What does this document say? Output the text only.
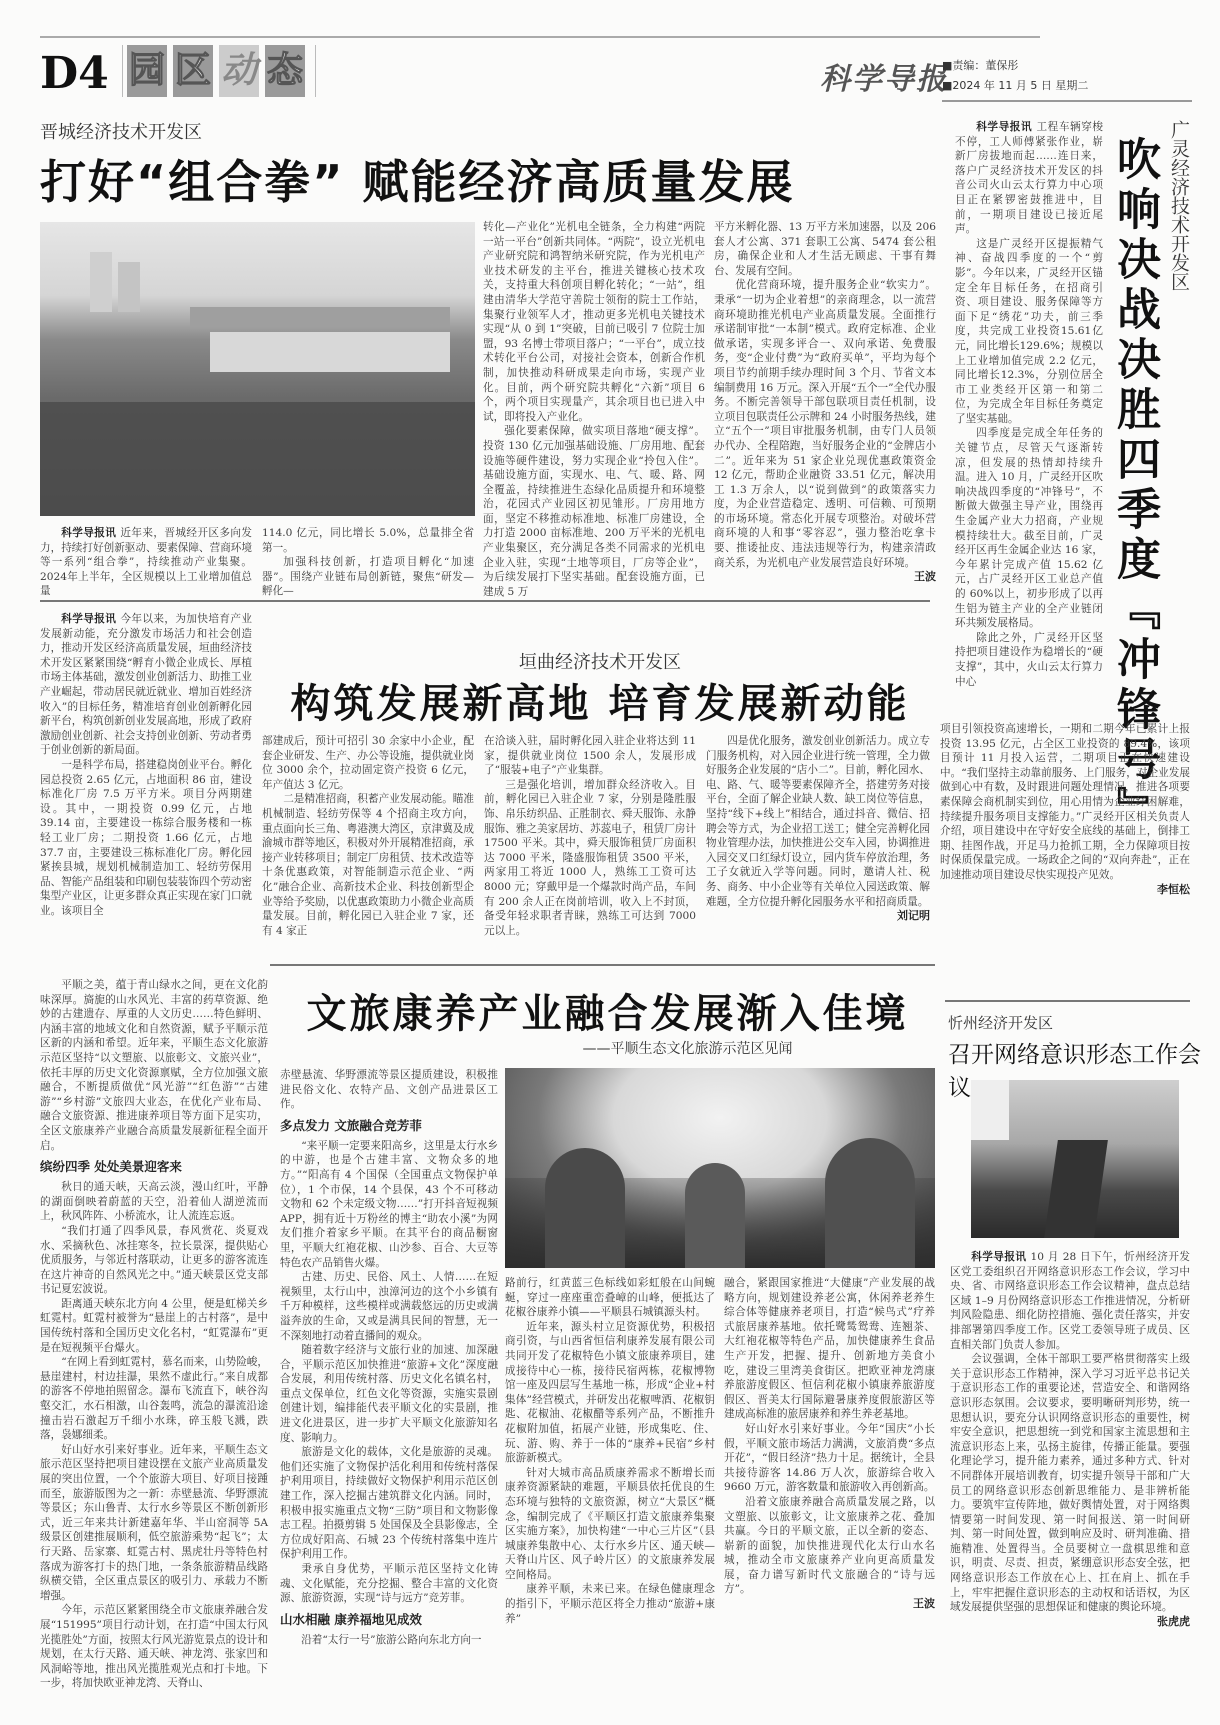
D4 园 区 动 态	科学导报
■责编：董保彤
■2024 年 11 月 5 日 星期二
晋城经济技术开发区
打好“组合拳” 赋能经济高质量发展

科学导报讯 近年来，晋城经开区多向发力，持续打好创新驱动、要素保障、营商环境等一系列“组合拳”，持续推动产业集聚。2024年上半年，全区规模以上工业增加值总量

114.0 亿元，同比增长 5.0%，总量排全省第一。

加强科技创新，打造项目孵化“加速器”。围绕产业链布局创新链，聚焦“研发—孵化—

转化—产业化”光机电全链条，全力构建“两院一站一平台”创新共同体。“两院”，设立光机电产业研究院和鸿智纳米研究院，作为光机电产业技术研发的主平台，推进关键核心技术攻关，支持重大科创项目孵化转化；“一站”，组建由清华大学范守善院士领衔的院士工作站，集聚行业领军人才，推动更多光机电关键技术实现“从 0 到 1”突破，目前已吸引 7 位院士加盟，93 名博士带项目落户；“一平台”，成立技术转化平台公司，对接社会资本，创新合作机制，加快推动科研成果走向市场，实现产业化。目前，两个研究院共孵化“六新”项目 6 个，两个项目实现量产，其余项目也已进入中试，即将投入产业化。

强化要素保障，做实项目落地“硬支撑”。投资 130 亿元加强基础设施、厂房用地、配套设施等硬件建设，努力实现企业“拎包入住”。基础设施方面，实现水、电、气、暖、路、网全覆盖，持续推进生态绿化品质提升和环境整治，花园式产业园区初见雏形。厂房用地方面，坚定不移推动标准地、标准厂房建设，全力打造 2000 亩标准地、200 万平米的光机电产业集聚区，充分满足各类不同需求的光机电企业入驻，实现“土地等项目，厂房等企业”，为后续发展打下坚实基础。配套设施方面，已建成 5 万

平方米孵化器、13 万平方米加速器，以及 206 套人才公寓、371 套职工公寓、5474 套公租房，确保企业和人才生活无顾虑、干事有舞台、发展有空间。

优化营商环境，提升服务企业“软实力”。秉承“一切为企业着想”的亲商理念，以一流营商环境助推光机电产业高质量发展。全面推行承诺制审批“一本制”模式。政府定标准、企业做承诺，实现多评合一、双向承诺、免费服务，变“企业付费”为“政府买单”，平均为每个项目节约前期手续办理时间 3 个月、节省文本编制费用 16 万元。深入开展“五个一”全代办服务。不断完善领导干部包联项目责任机制，设立项目包联责任公示牌和 24 小时服务热线，建立“五个一”项目审批服务机制，由专门人员领办代办、全程陪跑，当好服务企业的“金牌店小二”。近年来为 51 家企业兑现优惠政策资金 12 亿元，帮助企业融资 33.51 亿元，解决用工 1.3 万余人，以“说到做到”的政策落实力度，为企业营造稳定、透明、可信赖、可预期的市场环境。常态化开展专项整治。对破坏营商环境的人和事“零容忍”，强力整治吃拿卡要、推诿扯皮、违法违规等行为，构建亲清政商关系，为光机电产业发展营造良好环境。

王波

科学导报讯 工程车辆穿梭不停，工人师傅紧张作业，崭新厂房拔地而起……连日来，落户广灵经济技术开发区的抖音公司火山云太行算力中心项目正在紧锣密鼓推进中，目前，一期项目建设已接近尾声。

这是广灵经开区提振精气神、奋战四季度的一个“剪影”。今年以来，广灵经开区锚定全年目标任务，在招商引资、项目建设、服务保障等方面下足“绣花”功夫，前三季度，共完成工业投资15.61亿元，同比增长129.6%；规模以上工业增加值完成 2.2 亿元，同比增长12.3%，分别位居全市工业类经开区第一和第二位，为完成全年目标任务奠定了坚实基础。

四季度是完成全年任务的关键节点，尽管天气逐渐转凉，但发展的热情却持续升温。进入 10 月，广灵经开区吹响决战四季度的“冲锋号”，不断做大做强主导产业，围绕再生金属产业大力招商，产业规模持续壮大。截至目前，广灵经开区再生金属企业达 16 家，今年累计完成产值 15.62 亿元，占广灵经开区工业总产值的 60%以上，初步形成了以再生铝为链主产业的全产业链闭环共频发展格局。

除此之外，广灵经开区坚持把项目建设作为稳增长的“硬支撑”，其中，火山云太行算力中心	吹响决战决胜四季度『冲锋号』 广灵经济技术开发区

项目引领投资高速增长，一期和二期今年已累计上报投资 13.95 亿元，占全区工业投资的 89.4%，该项目预计 11 月投入运营，二期项目正在快速建设中。“我们坚持主动靠前服务、上门服务，对企业发展做到心中有数，及时跟进问题处理情况，推进各项要素保障会商机制实到位，用心用情为企业纾困解难，持续提升服务项目支撑能力。”广灵经开区相关负责人介绍，项目建设中在守好安全底线的基础上，倒排工期、挂图作战，开足马力抢抓工期，全力保障项目按时保质保量完成。一场政企之间的“双向奔赴”，正在加速推动项目建设尽快实现投产见效。

李恒松

科学导报讯 今年以来，为加快培育产业发展新动能，充分激发市场活力和社会创造力，推动开发区经济高质量发展，垣曲经济技术开发区紧紧围绕“孵育小微企业成长、厚植市场主体基础，激发创业创新活力、助推工业产业崛起，带动居民就近就业、增加百姓经济收入”的目标任务，精准培育创业创新孵化园新平台，构筑创新创业发展高地，形成了政府激励创业创新、社会支持创业创新、劳动者勇于创业创新的新局面。

一是科学布局，搭建稳岗创业平台。孵化园总投资 2.65 亿元，占地面积 86 亩，建设标准化厂房 7.5 万平方米。项目分两期建设。其中，一期投资 0.99 亿元，占地 39.14 亩，主要建设一栋综合服务楼和一栋轻工业厂房；二期投资 1.66 亿元，占地 37.7 亩，主要建设三栋标准化厂房。孵化园紧挨县城，规划机械制造加工、轻纺劳保用品、智能产品组装和印刷包装装饰四个劳动密集型产业区，让更多群众真正实现在家门口就业。该项目全

垣曲经济技术开发区
构筑发展新高地 培育发展新动能

部建成后，预计可招引 30 余家中小企业，配套企业研发、生产、办公等设施，提供就业岗位 3000 余个，拉动固定资产投资 6 亿元，年产值达 3 亿元。

二是精准招商，积蓄产业发展动能。瞄准机械制造、轻纺劳保等 4 个招商主攻方向，重点面向长三角、粤港澳大湾区，京津冀及成渝城市群等地区，积极对外开展精准招商，承接产业转移项目；制定厂房租赁、技术改造等十条优惠政策，对智能制造示范企业、“两化”融合企业、高新技术企业、科技创新型企业等给予奖励，以优惠政策助力小微企业高质量发展。目前，孵化园已入驻企业 7 家，还有 4 家正

在洽谈入驻，届时孵化园入驻企业将达到 11 家，提供就业岗位 1500 余人，发展形成了“服装+电子”产业集群。

三是强化培训，增加群众经济收入。目前，孵化园已入驻企业 7 家，分别是隆胜服饰、帛乐纺织品、正胜制衣、舜天服饰、永静服饰、雅之美家居坊、苏蕊电子，租赁厂房计 17500 平米。其中，舜天服饰租赁厂房面积达 7000 平米，隆盛服饰租赁 3500 平米，两家用工将近 1000 人，熟练工工资可达 8000 元；穿戴甲是一个爆款时尚产品，车间有 200 余人正在岗前培训，收入上不封顶，备受年轻求职者青睐，熟练工可达到 7000 元以上。

四是优化服务，激发创业创新活力。成立专门服务机构，对入园企业进行统一管理，全力做好服务企业发展的“店小二”。目前，孵化园水、电、路、气、暖等要素保障齐全，搭建劳务对接平台，全面了解企业缺人数、缺工岗位等信息，坚持“线下+线上”相结合，通过抖音、微信、招聘会等方式，为企业招工送工；健全完善孵化园物业管理办法，加快推进公交车入园，协调推进入园交叉口红绿灯设立，园内货车停放治理，务工子女就近入学等问题。同时，邀请人社、税务、商务、中小企业等有关单位入园送政策、解难题，全方位提升孵化园服务水平和招商质量。

刘记明

平顺之美，蕴于青山绿水之间，更在文化韵味深厚。旖旎的山水风光、丰富的药草资源、绝妙的古建遗存、厚重的人文历史……特色鲜明、内涵丰富的地域文化和自然资源，赋予平顺示范区新的内涵和希望。近年来，平顺生态文化旅游示范区坚持“以文塑旅、以旅彰文、文旅兴业”，依托丰厚的历史文化资源禀赋，全方位加强文旅融合，不断提质做优“风光游”“红色游”“古建游”“乡村游”文旅四大业态，在优化产业布局、融合文旅资源、推进康养项目等方面下足实功，全区文旅康养产业融合高质量发展新征程全面开启。

缤纷四季 处处美景迎客来

秋日的通天峡，天高云淡，漫山红叶，平静的湖面倒映着蔚蓝的天空，沿着仙人湖逆流而上，秋风阵阵、小桥流水，让人流连忘返。

“我们打通了四季风景，春风赏花、炎夏戏水、采摘秋色、冰挂寒冬，拉长景深，提供贴心优质服务，与邻近村落联动，让更多的游客流连在这片神奇的自然风光之中。”通天峡景区党支部书记夏宏波说。

距离通天峡东北方向 4 公里，便是虹梯关乡虹霓村。虹霓村被誉为“悬崖上的古村落”，是中国传统村落和全国历史文化名村，“虹霓瀑布”更是在短视频平台爆火。

“在网上看到虹霓村，慕名而来，山势险峻，悬崖建村，村边挂瀑，果然不虚此行。”来自成都的游客不停地拍照留念。瀑布飞流直下，峡谷沟壑交汇，水石相激，山谷轰鸣，流急的瀑流沿途撞击岩石激起万千细小水珠，碎玉般飞溅，跌落，袅娜细柔。

好山好水引来好事业。近年来，平顺生态文旅示范区坚持把项目建设摆在文旅产业高质量发展的突出位置，一个个旅游大项目、好项目接踵而至，旅游版图为之一新：赤壁悬流、华野漂流等景区；东山鲁青、太行水乡等景区不断创新形式，近三年来共计新建嘉年华、半山窑洞等 5A 级景区创建推展顺利，低空旅游乘势“起飞”；太行天路、岳家寨、虹霓古村、黑虎壮丹等特色村落成为游客打卡的热门地，一条条旅游精品线路纵横交错，全区重点景区的吸引力、承载力不断增强。

今年，示范区紧紧围绕全市文旅康养融合发展“151995”项目行动计划，在打造“中国太行风光揽胜处”方面，按照太行风光游览景点的设计和规划，在太行天路、通天峡、神龙湾、张家凹和风洞峪等地，推出风光揽胜观光点和打卡地。下一步，将加快欧亚神龙湾、天脊山、

文旅康养产业融合发展渐入佳境
——平顺生态文化旅游示范区见闻

赤壁悬流、华野漂流等景区提质建设，积极推进民俗文化、农特产品、文创产品进景区工作。

多点发力 文旅融合竞芳菲

“来平顺一定要来阳高乡，这里是太行水乡的中游，也是个古建丰富、文物众多的地方。”“阳高有 4 个国保（全国重点文物保护单位），1 个市保，14 个县保，43 个不可移动文物和 62 个未定级文物……”打开抖音短视频 APP，拥有近十万粉丝的博主“助农小溪”为网友们推介着家乡平顺。在其平台的商品橱窗里，平顺大红袍花椒、山沙参、百合、大豆等特色农产品销售火爆。

古建、历史、民俗、风土、人情……在短视频里，太行山中，浊漳河边的这个小乡镇有千万种模样，这些模样或满载悠远的历史或满溢奔放的生命，又或是满具民间的智慧，无一不深刻地打动着直播间的观众。

随着数字经济与文旅行业的加速、加深融合，平顺示范区加快推进“旅游+文化”深度融合发展，利用传统村落、历史文化名镇名村，重点文保单位，红色文化等资源，实施实景剧创建计划，编排能代表平顺文化的实景剧，推进文化进景区，进一步扩大平顺文化旅游知名度、影响力。

旅游是文化的载体，文化是旅游的灵魂。他们还实施了文物保护活化利用和传统村落保护利用项目，持续做好文物保护利用示范区创建工作，深入挖掘古建筑群文化内涵。同时，积极申报实施重点文物“三防”项目和文物影像志工程。拍摄剪辑 5 处国保及全县影像志，全方位成好阳高、石城 23 个传统村落集中连片保护利用工作。

秉承自身优势，平顺示范区坚持文化铸魂、文化赋能，充分挖掘、整合丰富的文化资源、旅游资源，实现“诗与远方”竞芳菲。

山水相融 康养福地见成效

沿着“太行一号”旅游公路向东北方向一

路前行，红黄蓝三色标线如彩虹般在山间蜿蜒，穿过一座座重峦叠嶂的山峰，便抵达了花椒谷康养小镇——平顺县石城镇源头村。

近年来，源头村立足资源优势，积极招商引资，与山西省恒信利康养发展有限公司共同开发了花椒特色小镇文旅康养项目，建成接待中心一栋，接待民宿两栋，花椒博物馆一座及四层写生基地一栋，形成“企业+村集体”经营模式，并研发出花椒啤酒、花椒钥匙、花椒油、花椒醋等系列产品，不断推升花椒附加值，拓展产业链，形成集吃、住、玩、游、购、养于一体的“康养+民宿”乡村旅游新模式。

针对大城市高品质康养需求不断增长而康养资源紧缺的难题，平顺县依托优良的生态环境与独特的文旅资源，树立“大景区”概念，编制完成了《平顺区打造文旅康养集聚区实施方案》，加快构建“一中心三片区”（县城康养集散中心、太行水乡片区、通天峡—天脊山片区、风子岭片区）的文旅康养发展空间格局。

康养平顺，未来已来。在绿色健康理念的指引下，平顺示范区将全力推动“旅游+康养”

融合，紧跟国家推进“大健康”产业发展的战略方向，规划建设养老公寓，休闲养老养生综合体等健康养老项目，打造“候鸟式”疗养式旅居康养基地。依托鹭鸶鸳鸯、连翘茶、大红袍花椒等特色产品，加快健康养生食品生产开发，把握、提升、创新地方美食小吃，建设三里湾美食街区。把欧亚神龙湾康养旅游度假区、恒信利花椒小镇康养旅游度假区、晋美太行国际避暑康养度假旅游区等建成高标准的旅居康养和养生养老基地。

好山好水引来好事业。今年“国庆”小长假，平顺文旅市场活力满满，文旅消费“多点开花”，“假日经济”热力十足。据统计，全县共接待游客 14.86 万人次，旅游综合收入 9660 万元，游客数量和旅游收入再创新高。

沿着文旅康养融合高质量发展之路，以文塑旅、以旅彰文，让文旅康养之花、叠加共赢。今日的平顺文旅，正以全新的姿态、崭新的面貌，加快推进现代化太行山水名城，推动全市文旅康养产业向更高质量发展，奋力谱写新时代文旅融合的“诗与远方”。

王波
忻州经济开发区
召开网络意识形态工作会议

科学导报讯 10 月 28 日下午，忻州经济开发区党工委组织召开网络意识形态工作会议，学习中央、省、市网络意识形态工作会议精神，盘点总结区域 1–9 月份网络意识形态工作推进情况，分析研判风险隐患、细化防控措施、强化责任落实，并安排部署第四季度工作。区党工委领导班子成员、区直相关部门负责人参加。

会议强调，全体干部职工要严格贯彻落实上级关于意识形态工作精神，深入学习习近平总书记关于意识形态工作的重要论述，营造安全、和谐网络意识形态氛围。会议要求，要明晰研判形势，统一思想认识，要充分认识网络意识形态的重要性，树牢安全意识，把思想统一到党和国家主流思想和主流意识形态上来，弘扬主旋律，传播正能量。要强化理论学习，提升能力素养，通过多种方式、针对不同群体开展培训教育，切实提升领导干部和广大员工的网络意识形态创新思维能力、是非辨析能力。要筑牢宣传阵地，做好舆情处置，对于网络舆情要第一时间发现、第一时间报送、第一时间研判、第一时间处置，做到响应及时、研判准确、措施精准、处置得当。全员要树立一盘棋思维和意识，明责、尽责、担责，紧绷意识形态安全弦，把网络意识形态工作放在心上、扛在肩上、抓在手上，牢牢把握住意识形态的主动权和话语权，为区域发展提供坚强的思想保证和健康的舆论环境。

张虎虎
